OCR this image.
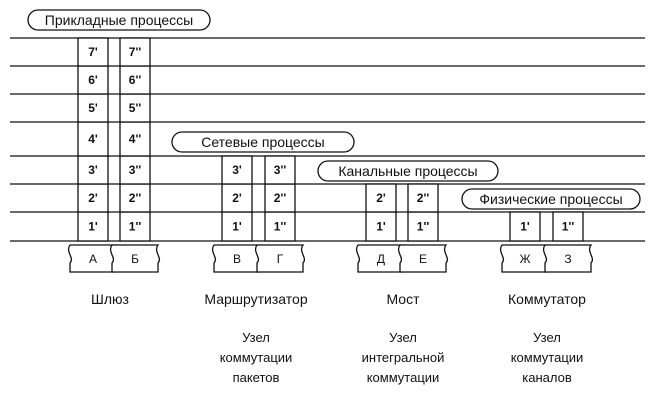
1'
2'
3'
4'
5'
6'
7'
А
1''
2''
3''
4''
5''
6''
7''
Б
1'
2'
3'
В
1''
2''
3''
Г
1'
2'
Д
1''
2''
Е
1'
Ж
1''
З
Прикладные процессы
Сетевые процессы
Канальные процессы
Физические процессы
Шлюз	Маршрутизатор	Мост	Коммутатор
Узел
коммутации
пакетов
Узел
интегральной
коммутации
Узел
коммутации
каналов
